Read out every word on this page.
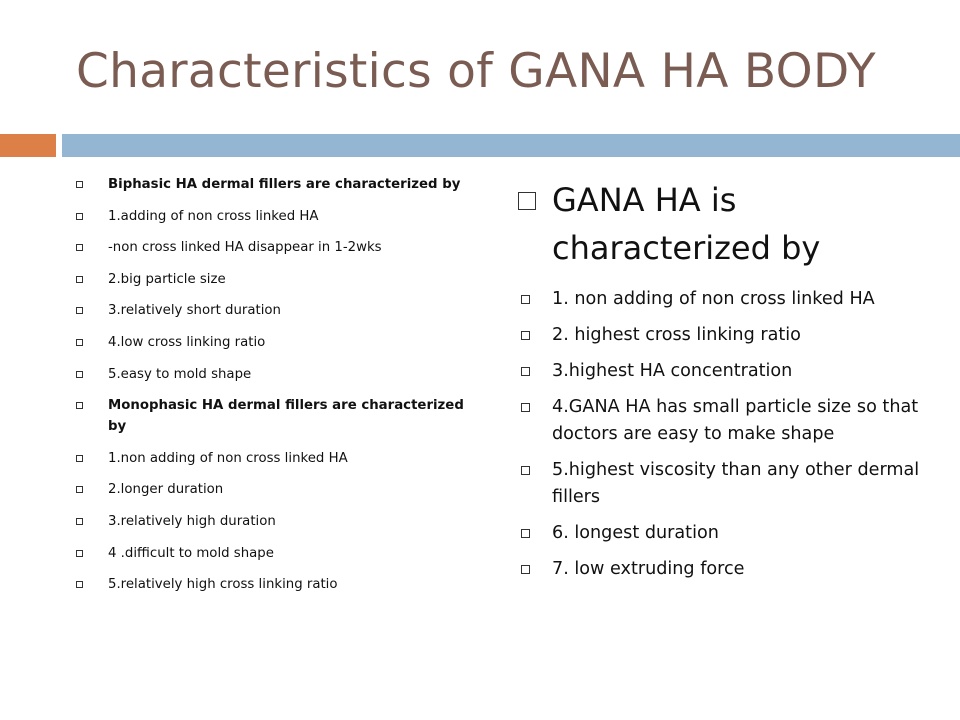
Characteristics of GANA HA BODY
Biphasic HA dermal fillers are characterized by
1.adding of non cross linked HA
-non cross linked HA disappear in 1-2wks
2.big particle size
3.relatively short duration
4.low cross linking ratio
5.easy to mold shape
Monophasic HA dermal fillers are characterized by
1.non adding of non cross linked HA
2.longer duration
3.relatively high duration
4 .difficult to mold shape
5.relatively high cross linking ratio
GANA HA is characterized by
1. non adding of non cross linked HA
2. highest cross linking ratio
3.highest HA concentration
4.GANA HA has small particle size so that doctors are easy to make shape
5.highest viscosity than any other dermal fillers
6. longest duration
7. low extruding force
